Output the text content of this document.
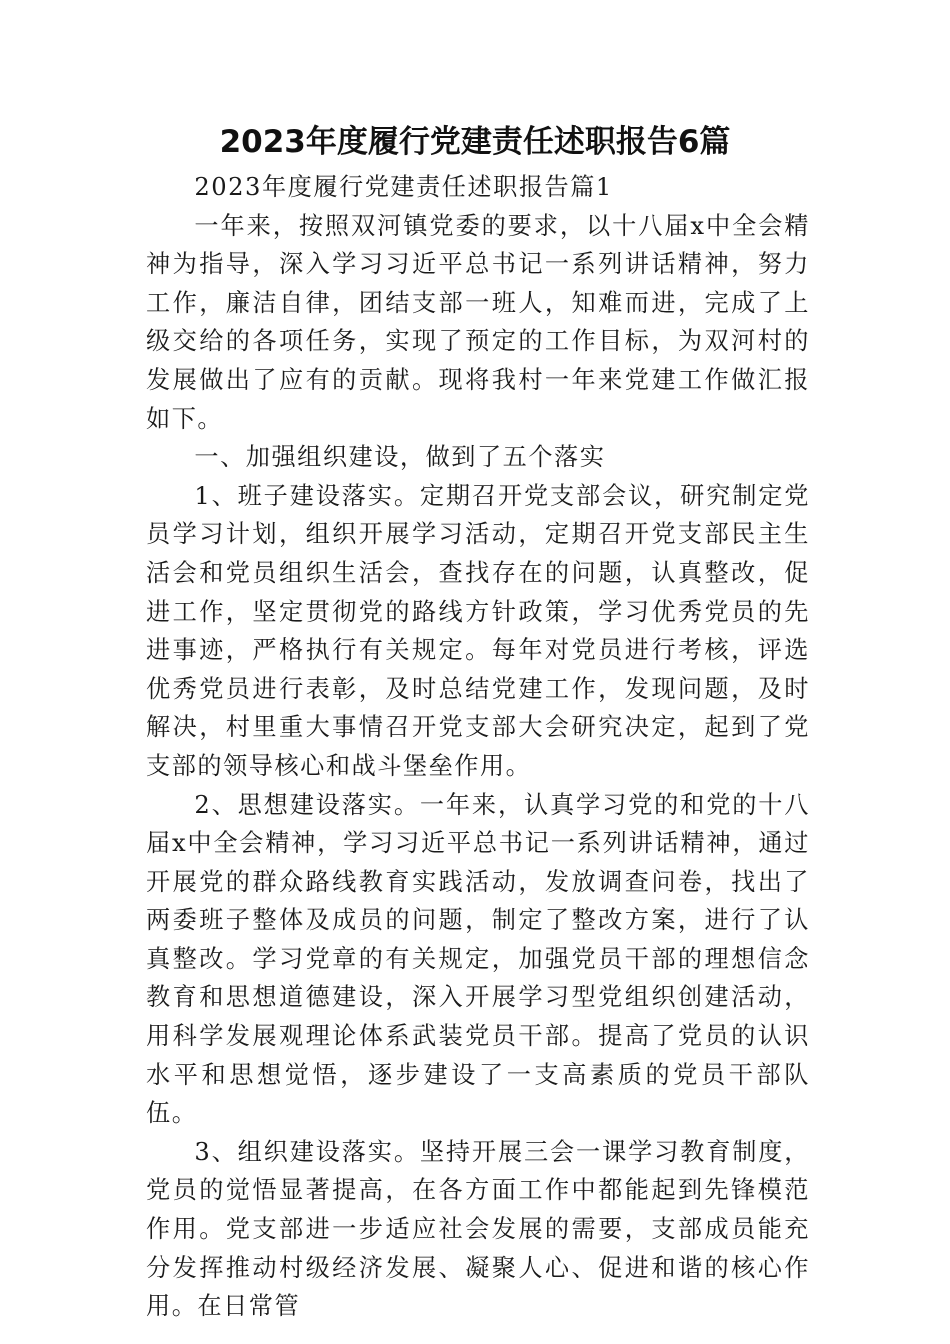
2023年度履行党建责任述职报告6篇

2023年度履行党建责任述职报告篇1

一年来，按照双河镇党委的要求，以十八届x中全会精神为指导，深入学习习近平总书记一系列讲话精神，努力工作，廉洁自律，团结支部一班人，知难而进，完成了上级交给的各项任务，实现了预定的工作目标，为双河村的发展做出了应有的贡献。现将我村一年来党建工作做汇报如下。

一、加强组织建设，做到了五个落实

1、班子建设落实。定期召开党支部会议，研究制定党员学习计划，组织开展学习活动，定期召开党支部民主生活会和党员组织生活会，查找存在的问题，认真整改，促进工作，坚定贯彻党的路线方针政策，学习优秀党员的先进事迹，严格执行有关规定。每年对党员进行考核，评选优秀党员进行表彰，及时总结党建工作，发现问题，及时解决，村里重大事情召开党支部大会研究决定，起到了党支部的领导核心和战斗堡垒作用。

2、思想建设落实。一年来，认真学习党的和党的十八届x中全会精神，学习习近平总书记一系列讲话精神，通过开展党的群众路线教育实践活动，发放调查问卷，找出了两委班子整体及成员的问题，制定了整改方案，进行了认真整改。学习党章的有关规定，加强党员干部的理想信念教育和思想道德建设，深入开展学习型党组织创建活动，用科学发展观理论体系武装党员干部。提高了党员的认识水平和思想觉悟，逐步建设了一支高素质的党员干部队伍。

3、组织建设落实。坚持开展三会一课学习教育制度，党员的觉悟显著提高，在各方面工作中都能起到先锋模范作用。党支部进一步适应社会发展的需要，支部成员能充分发挥推动村级经济发展、凝聚人心、促进和谐的核心作用。在日常管
